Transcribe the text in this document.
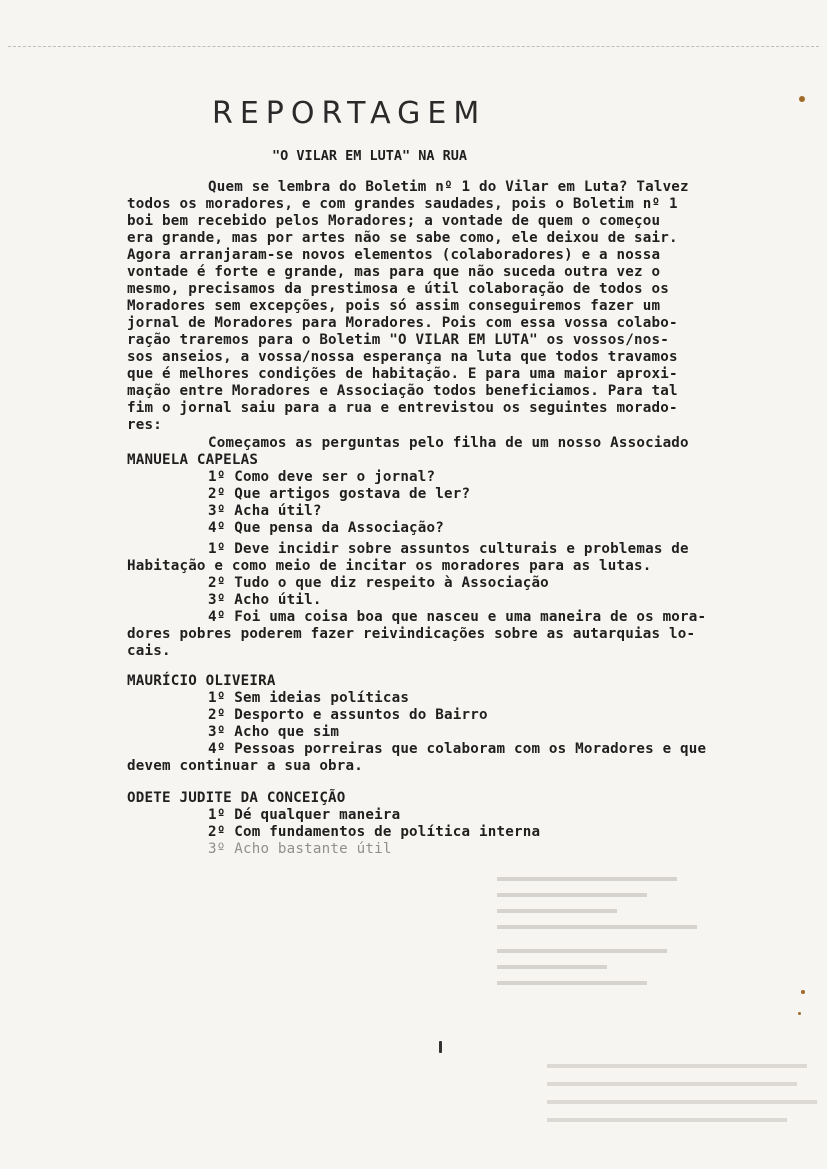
REPORTAGEM
"O VILAR EM LUTA" NA RUA
Quem se lembra do Boletim nº 1 do Vilar em Luta? Talvez
todos os moradores, e com grandes saudades, pois o Boletim nº 1
boi bem recebido pelos Moradores; a vontade de quem o começou
era grande, mas por artes não se sabe como, ele deixou de sair.
Agora arranjaram-se novos elementos (colaboradores) e a nossa
vontade é forte e grande, mas para que não suceda outra vez o
mesmo, precisamos da prestimosa e útil colaboração de todos os
Moradores sem excepções, pois só assim conseguiremos fazer um
jornal de Moradores para Moradores. Pois com essa vossa colabo-
ração traremos para o Boletim "O VILAR EM LUTA" os vossos/nos-
sos anseios, a vossa/nossa esperança na luta que todos travamos
que é melhores condições de habitação. E para uma maior aproxi-
mação entre Moradores e Associação todos beneficiamos. Para tal
fim o jornal saiu para a rua e entrevistou os seguintes morado-
res:
Começamos as perguntas pelo filha de um nosso Associado
MANUELA CAPELAS
1º Como deve ser o jornal?
2º Que artigos gostava de ler?
3º Acha útil?
4º Que pensa da Associação?
1º Deve incidir sobre assuntos culturais e problemas de
Habitação e como meio de incitar os moradores para as lutas.
2º Tudo o que diz respeito à Associação
3º Acho útil.
4º Foi uma coisa boa que nasceu e uma maneira de os mora-
dores pobres poderem fazer reivindicações sobre as autarquias lo-
cais.
MAURÍCIO OLIVEIRA
1º Sem ideias políticas
2º Desporto e assuntos do Bairro
3º Acho que sim
4º Pessoas porreiras que colaboram com os Moradores e que
devem continuar a sua obra.
ODETE JUDITE DA CONCEIÇÃO
1º Dé qualquer maneira
2º Com fundamentos de política interna
3º Acho bastante útil
